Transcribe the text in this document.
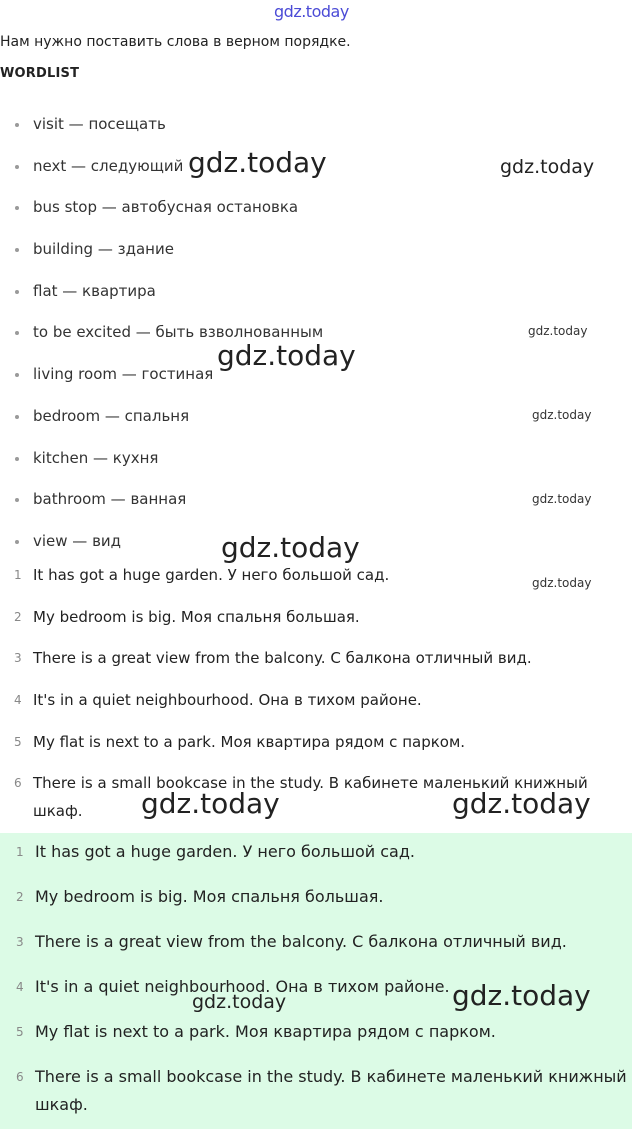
gdz.today
Нам нужно поставить слова в верном порядке.
WORDLIST
visit — посещать
next — следующий
bus stop — автобусная остановка
building — здание
flat — квартира
to be excited — быть взволнованным
living room — гостиная
bedroom — спальня
kitchen — кухня
bathroom — ванная
view — вид
1 It has got a huge garden. У него большой сад.
2 My bedroom is big. Моя спальня большая.
3 There is a great view from the balcony. С балкона отличный вид.
4 It's in a quiet neighbourhood. Она в тихом районе.
5 My flat is next to a park. Моя квартира рядом с парком.
6 There is a small bookcase in the study. В кабинете маленький книжный шкаф.
1 It has got a huge garden. У него большой сад.
2 My bedroom is big. Моя спальня большая.
3 There is a great view from the balcony. С балкона отличный вид.
4 It's in a quiet neighbourhood. Она в тихом районе.
5 My flat is next to a park. Моя квартира рядом с парком.
6 There is a small bookcase in the study. В кабинете маленький книжный шкаф.
gdz.today	gdz.today
gdz.today
gdz.today
gdz.today
gdz.today
gdz.today
gdz.today
gdz.today	gdz.today
gdz.today	gdz.today
